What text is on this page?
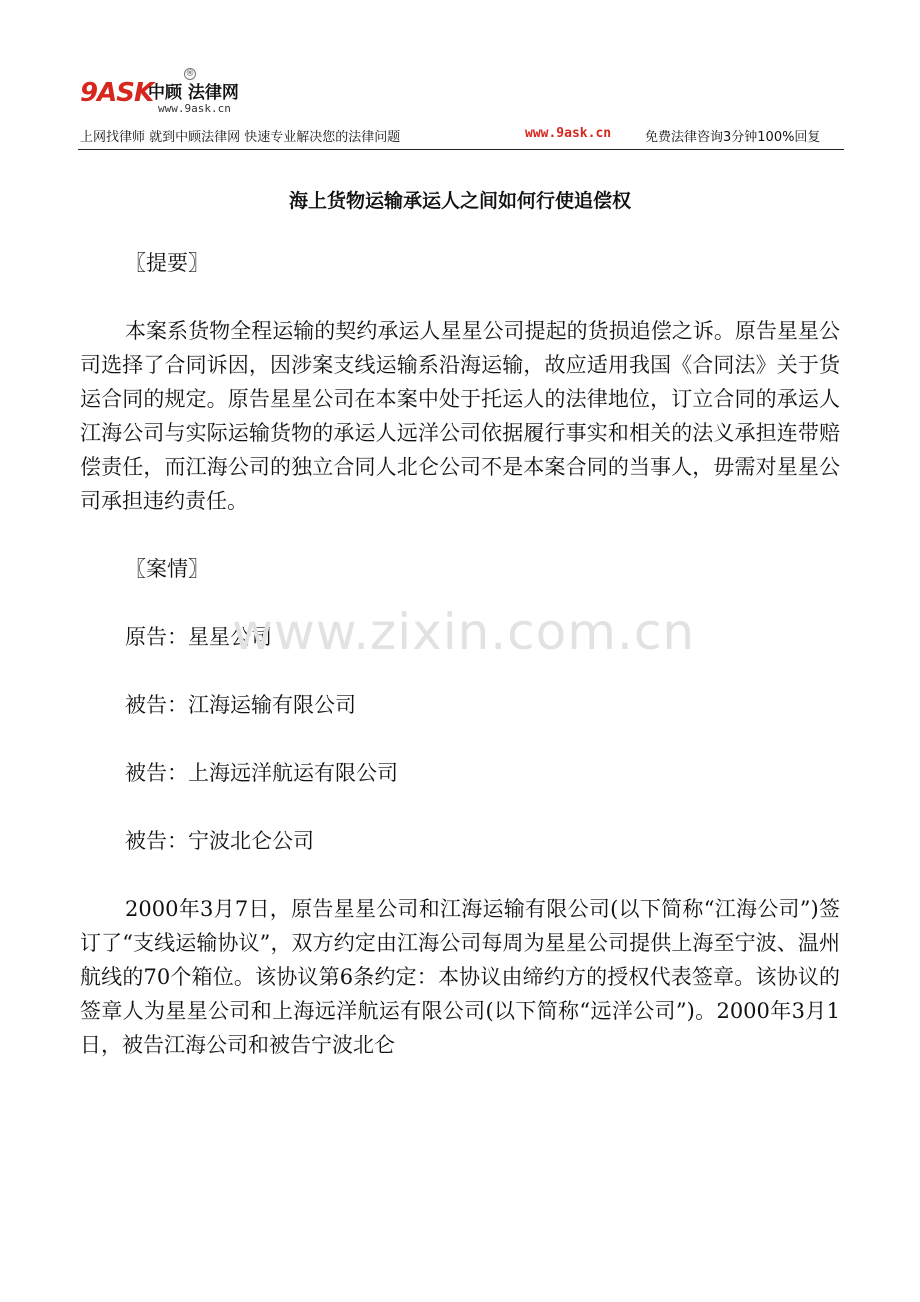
9ASK
中顾 法律网
®
www.9ask.cn
上网找律师 就到中顾法律网 快速专业解决您的法律问题	www.9ask.cn	免费法律咨询3分钟100%回复
海上货物运输承运人之间如何行使追偿权

〖提要〗

本案系货物全程运输的契约承运人星星公司提起的货损追偿之诉。原告星星公司选择了合同诉因，因涉案支线运输系沿海运输，故应适用我国《合同法》关于货运合同的规定。原告星星公司在本案中处于托运人的法律地位，订立合同的承运人江海公司与实际运输货物的承运人远洋公司依据履行事实和相关的法义承担连带赔偿责任，而江海公司的独立合同人北仑公司不是本案合同的当事人，毋需对星星公司承担违约责任。

〖案情〗

原告：星星公司

被告：江海运输有限公司

被告：上海远洋航运有限公司

被告：宁波北仑公司

2000年3月7日，原告星星公司和江海运输有限公司(以下简称“江海公司”)签订了“支线运输协议”，双方约定由江海公司每周为星星公司提供上海至宁波、温州航线的70个箱位。该协议第6条约定：本协议由缔约方的授权代表签章。该协议的签章人为星星公司和上海远洋航运有限公司(以下简称“远洋公司”)。2000年3月1日，被告江海公司和被告宁波北仑

www.zixin.com.cn
